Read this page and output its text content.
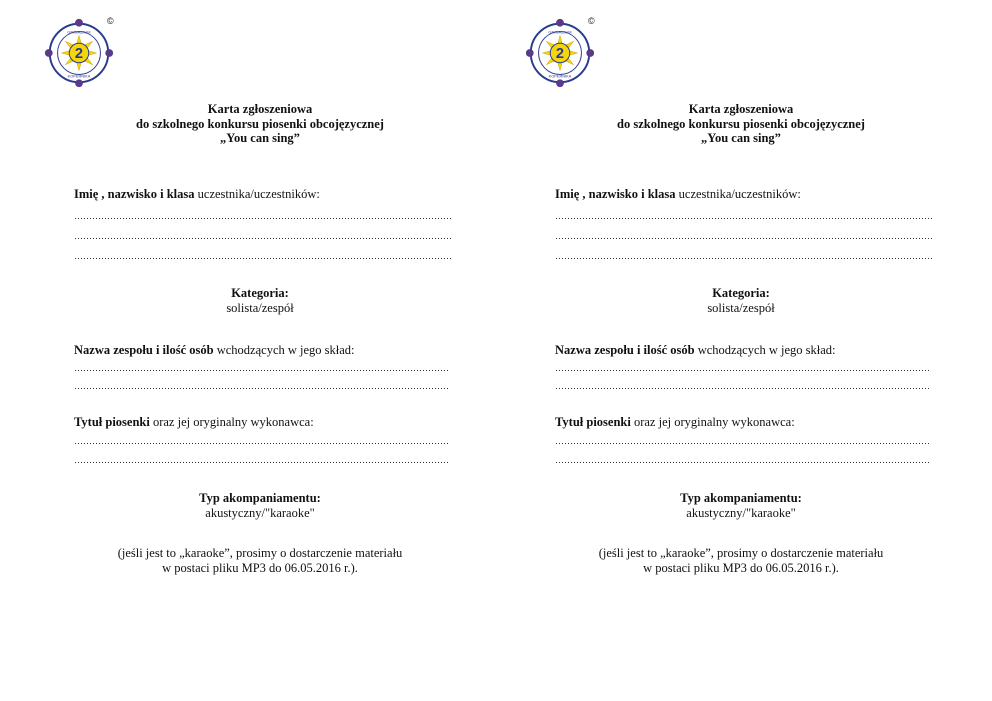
2
GIMNAZJUM
KOPERNIKA
©
Karta zgłoszeniowa
do szkolnego konkursu piosenki obcojęzycznej
„You can sing”
Imię , nazwisko i klasa uczestnika/uczestników:
Kategoria:
solista/zespół
Nazwa zespołu i ilość osób wchodzących w jego skład:
Tytuł piosenki oraz jej oryginalny wykonawca:
Typ akompaniamentu:
akustyczny/"karaoke"
(jeśli jest to „karaoke”, prosimy o dostarczenie materiału
w postaci pliku MP3 do 06.05.2016 r.).
2
GIMNAZJUM
KOPERNIKA
©
Karta zgłoszeniowa
do szkolnego konkursu piosenki obcojęzycznej
„You can sing”
Imię , nazwisko i klasa uczestnika/uczestników:
Kategoria:
solista/zespół
Nazwa zespołu i ilość osób wchodzących w jego skład:
Tytuł piosenki oraz jej oryginalny wykonawca:
Typ akompaniamentu:
akustyczny/"karaoke"
(jeśli jest to „karaoke”, prosimy o dostarczenie materiału
w postaci pliku MP3 do 06.05.2016 r.).
